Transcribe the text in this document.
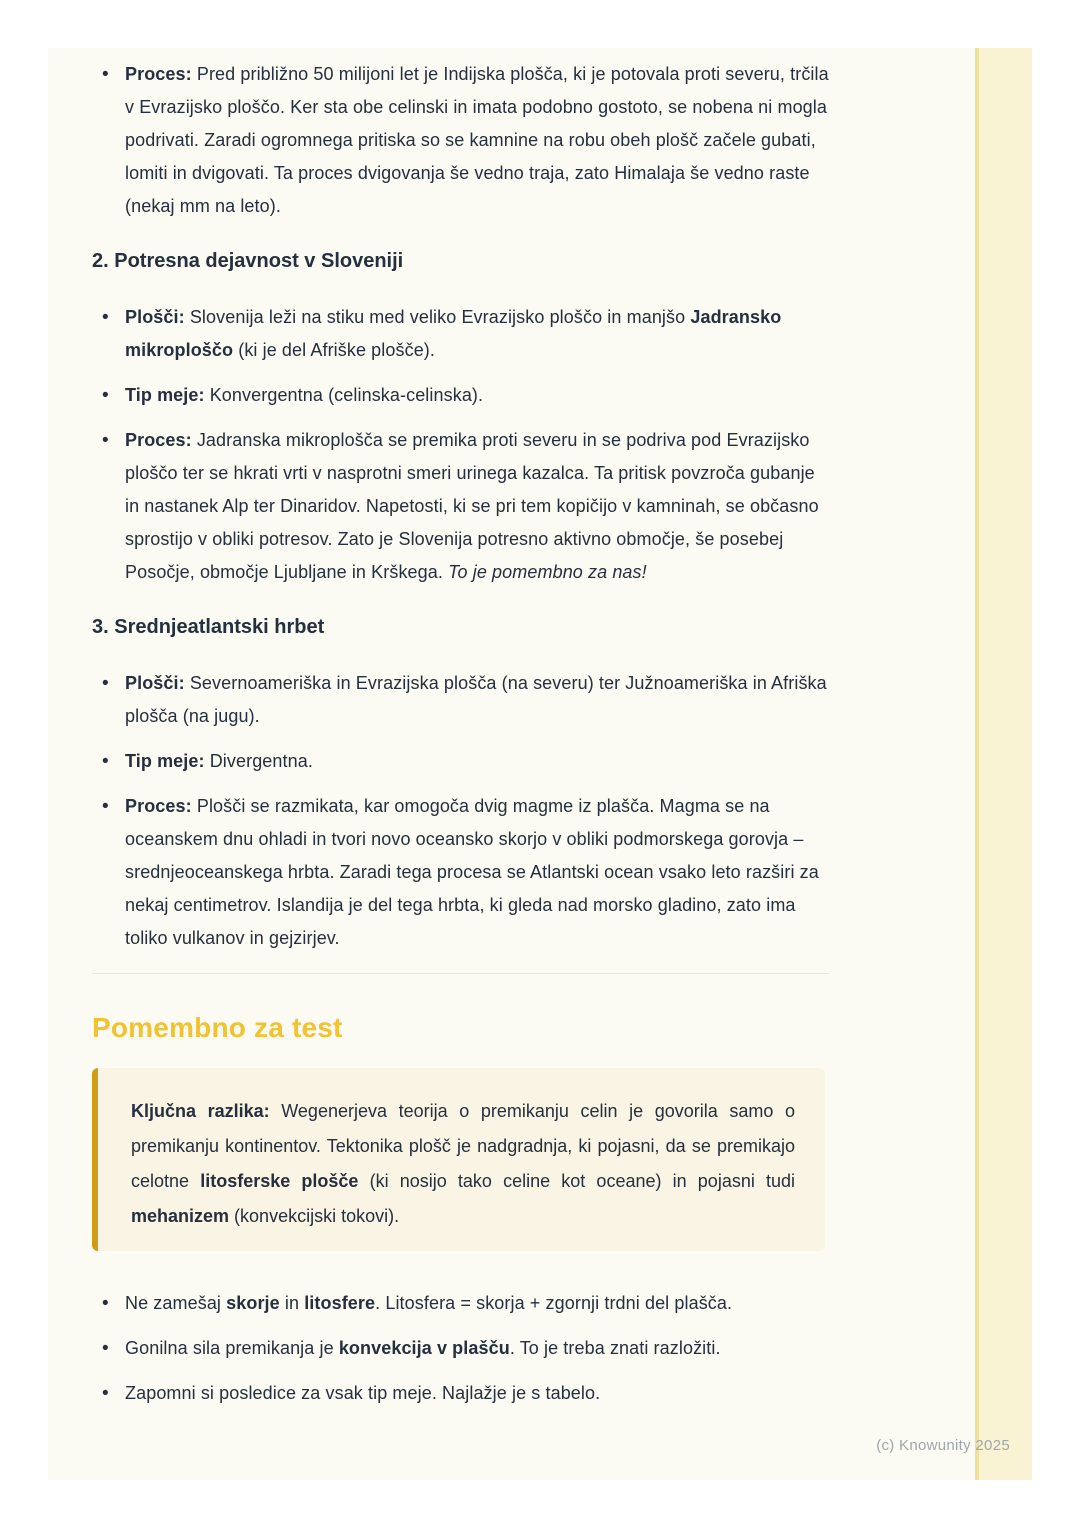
• Proces: Pred približno 50 milijoni let je Indijska plošča, ki je potovala proti severu, trčila v Evrazijsko ploščo. Ker sta obe celinski in imata podobno gostoto, se nobena ni mogla podrivati. Zaradi ogromnega pritiska so se kamnine na robu obeh plošč začele gubati, lomiti in dvigovati. Ta proces dvigovanja še vedno traja, zato Himalaja še vedno raste (nekaj mm na leto).
2. Potresna dejavnost v Sloveniji
• Plošči: Slovenija leži na stiku med veliko Evrazijsko ploščo in manjšo Jadransko mikroploščo (ki je del Afriške plošče).
• Tip meje: Konvergentna (celinska-celinska).
• Proces: Jadranska mikroplošča se premika proti severu in se podriva pod Evrazijsko ploščo ter se hkrati vrti v nasprotni smeri urinega kazalca. Ta pritisk povzroča gubanje in nastanek Alp ter Dinaridov. Napetosti, ki se pri tem kopičijo v kamninah, se občasno sprostijo v obliki potresov. Zato je Slovenija potresno aktivno območje, še posebej Posočje, območje Ljubljane in Krškega. To je pomembno za nas!
3. Srednjeatlantski hrbet
• Plošči: Severnoameriška in Evrazijska plošča (na severu) ter Južnoameriška in Afriška plošča (na jugu).
• Tip meje: Divergentna.
• Proces: Plošči se razmikata, kar omogoča dvig magme iz plašča. Magma se na oceanskem dnu ohladi in tvori novo oceansko skorjo v obliki podmorskega gorovja – srednjeoceanskega hrbta. Zaradi tega procesa se Atlantski ocean vsako leto razširi za nekaj centimetrov. Islandija je del tega hrbta, ki gleda nad morsko gladino, zato ima toliko vulkanov in gejzirjev.
Pomembno za test

Ključna razlika: Wegenerjeva teorija o premikanju celin je govorila samo o premikanju kontinentov. Tektonika plošč je nadgradnja, ki pojasni, da se premikajo celotne litosferske plošče (ki nosijo tako celine kot oceane) in pojasni tudi mehanizem (konvekcijski tokovi).

• Ne zamešaj skorje in litosfere. Litosfera = skorja + zgornji trdni del plašča.
• Gonilna sila premikanja je konvekcija v plašču. To je treba znati razložiti.
• Zapomni si posledice za vsak tip meje. Najlažje je s tabelo.
(c) Knowunity 2025
